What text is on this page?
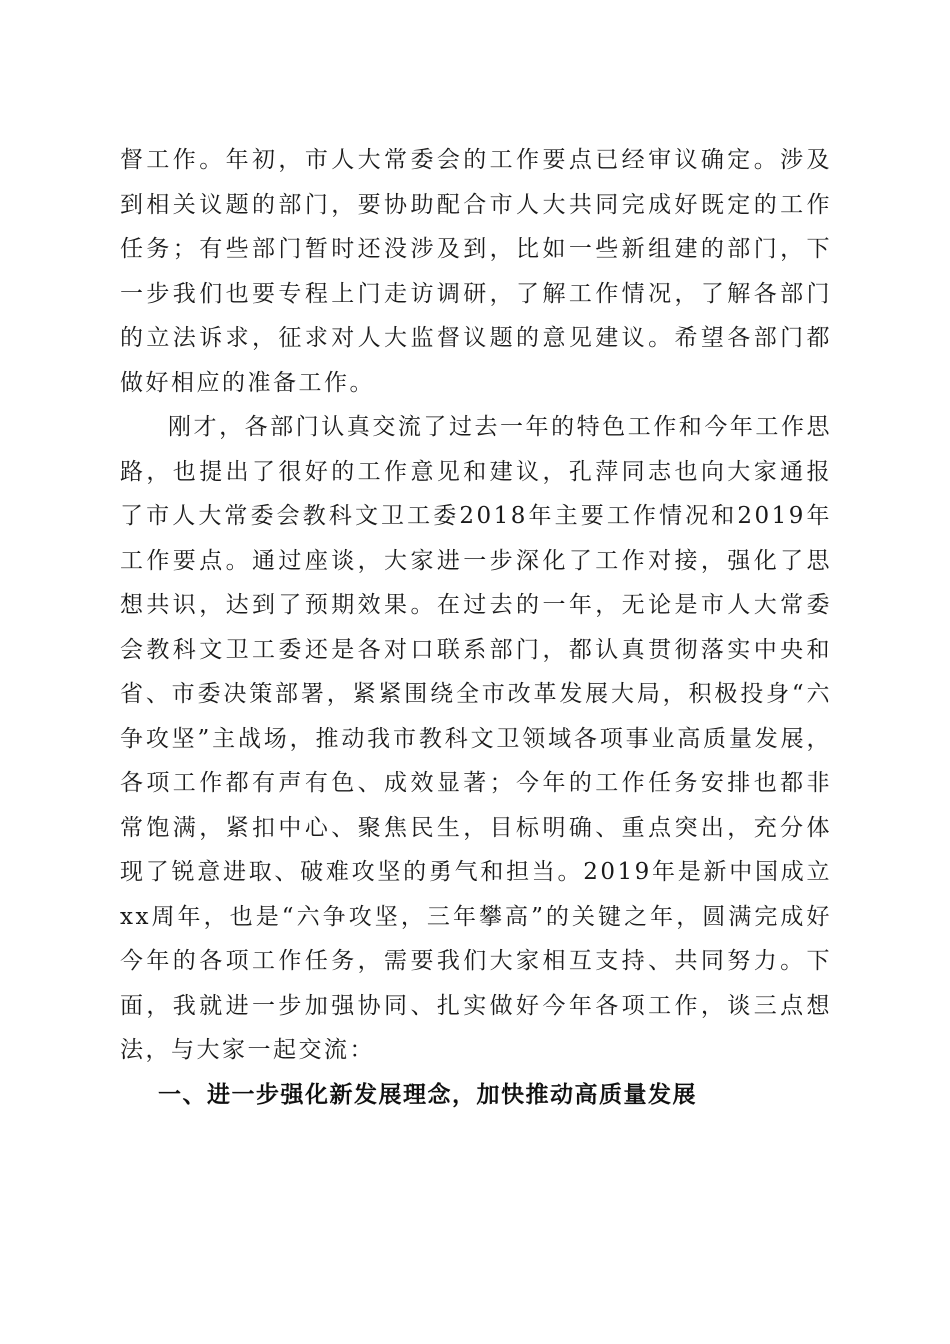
督工作。年初，市人大常委会的工作要点已经审议确定。涉及到相关议题的部门，要协助配合市人大共同完成好既定的工作任务；有些部门暂时还没涉及到，比如一些新组建的部门，下一步我们也要专程上门走访调研，了解工作情况，了解各部门的立法诉求，征求对人大监督议题的意见建议。希望各部门都做好相应的准备工作。

刚才，各部门认真交流了过去一年的特色工作和今年工作思路，也提出了很好的工作意见和建议，孔萍同志也向大家通报了市人大常委会教科文卫工委2018年主要工作情况和2019年工作要点。通过座谈，大家进一步深化了工作对接，强化了思想共识，达到了预期效果。在过去的一年，无论是市人大常委会教科文卫工委还是各对口联系部门，都认真贯彻落实中央和省、市委决策部署，紧紧围绕全市改革发展大局，积极投身“六争攻坚”主战场，推动我市教科文卫领域各项事业高质量发展，各项工作都有声有色、成效显著；今年的工作任务安排也都非常饱满，紧扣中心、聚焦民生，目标明确、重点突出，充分体现了锐意进取、破难攻坚的勇气和担当。2019年是新中国成立xx周年，也是“六争攻坚，三年攀高”的关键之年，圆满完成好今年的各项工作任务，需要我们大家相互支持、共同努力。下面，我就进一步加强协同、扎实做好今年各项工作，谈三点想法，与大家一起交流：

一、进一步强化新发展理念，加快推动高质量发展
